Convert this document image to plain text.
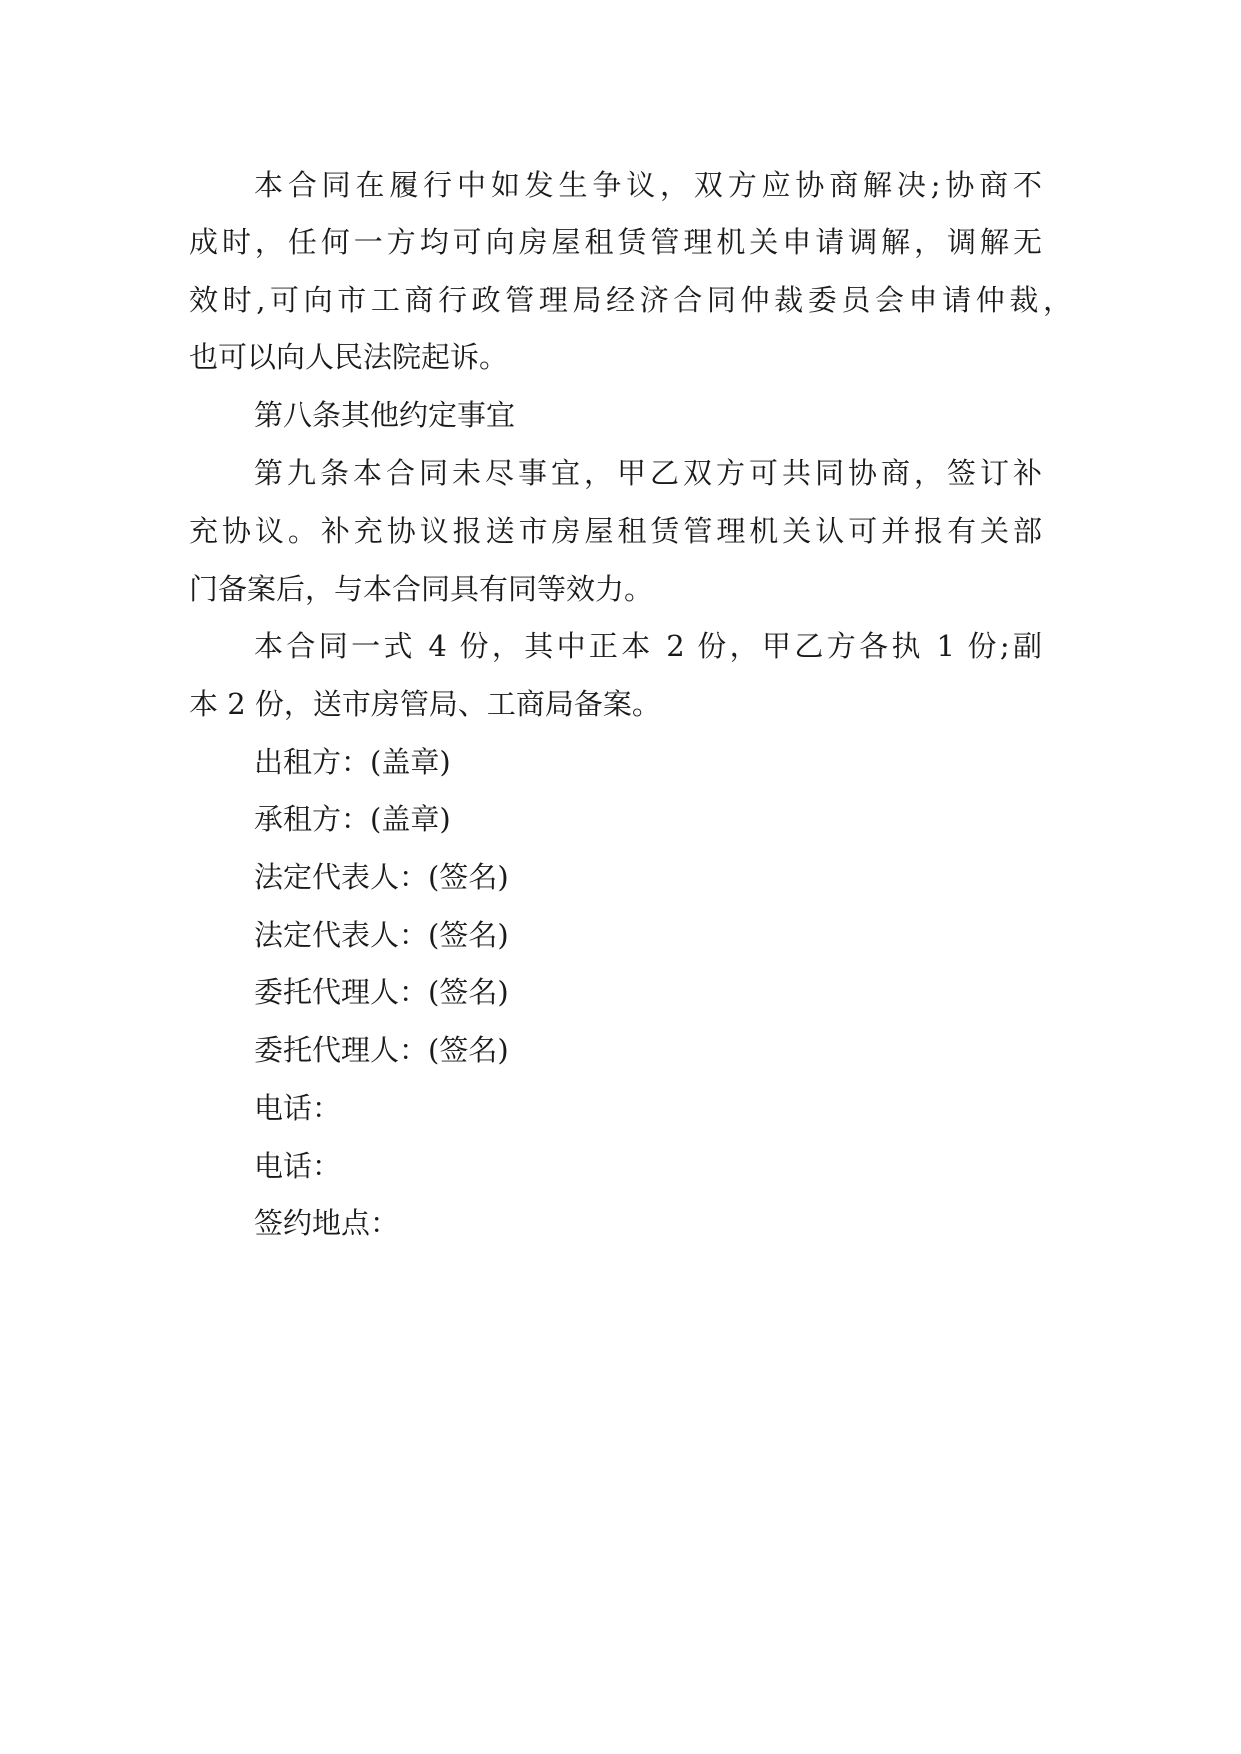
本合同在履行中如发生争议，双方应协商解决;协商不

成时，任何一方均可向房屋租赁管理机关申请调解，调解无

效时,可向市工商行政管理局经济合同仲裁委员会申请仲裁，

也可以向人民法院起诉。

第八条其他约定事宜

第九条本合同未尽事宜，甲乙双方可共同协商，签订补

充协议。补充协议报送市房屋租赁管理机关认可并报有关部

门备案后，与本合同具有同等效力。

本合同一式 4 份，其中正本 2 份，甲乙方各执 1 份;副

本 2 份，送市房管局、工商局备案。

出租方：(盖章)

承租方：(盖章)

法定代表人：(签名)

法定代表人：(签名)

委托代理人：(签名)

委托代理人：(签名)

电话：

电话：

签约地点：
